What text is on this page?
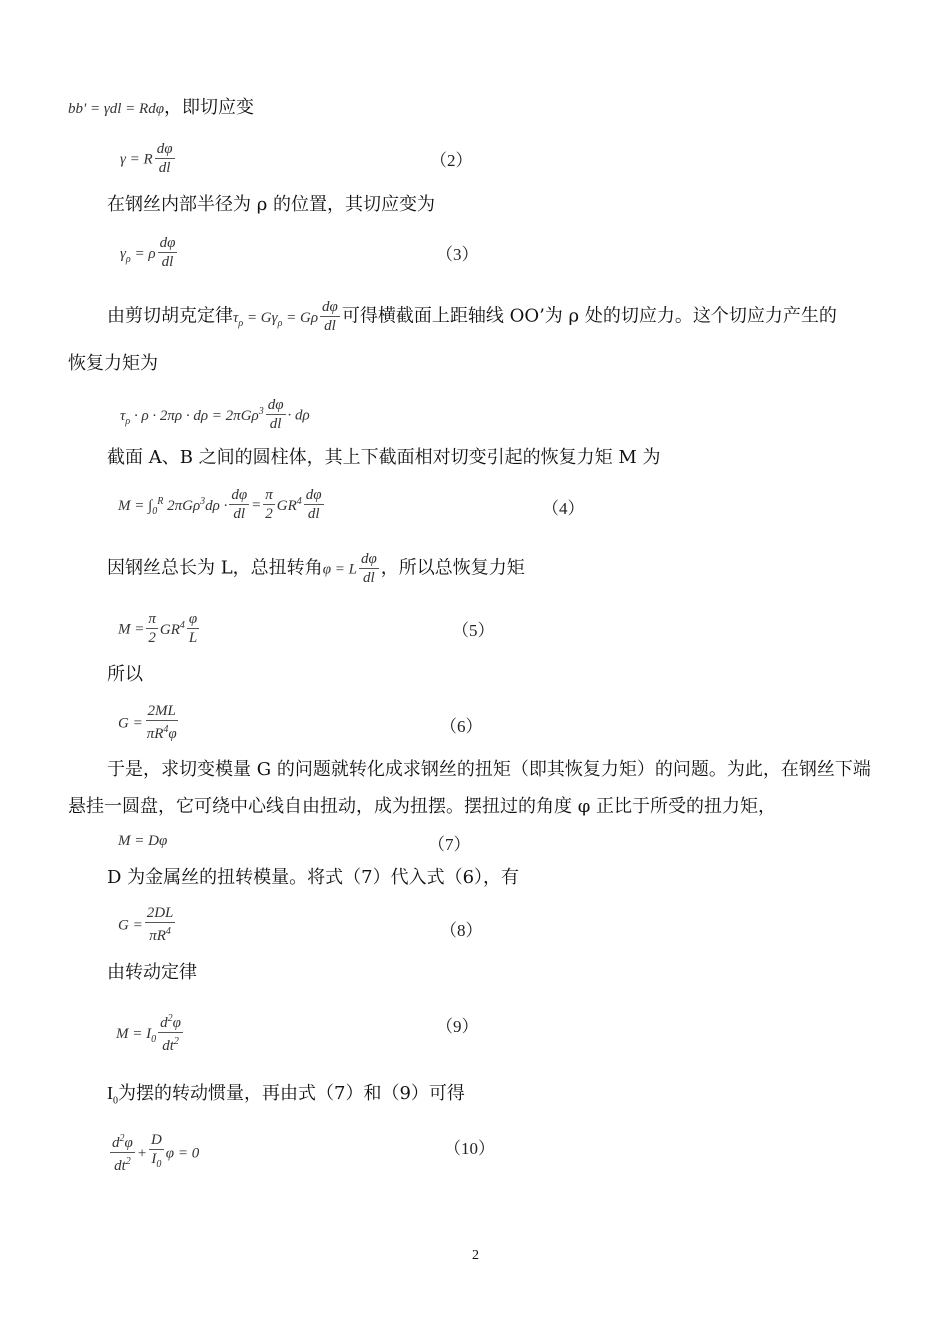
bb' = γdl = Rdφ，即切应变
γ = R $\frac{d\varphi}{dl}$	（2）
在钢丝内部半径为 ρ 的位置，其切应变为
$\gamma_\rho = \rho \frac{d\varphi}{dl}$	（3）
由剪切胡克定律$\tau_\rho = G\gamma_\rho = G\rho \frac{d\varphi}{dl}$ 可得横截面上距轴线 OO’为 ρ 处的切应力。这个切应力产生的
恢复力矩为
$\tau_\rho \cdot \rho \cdot 2\pi\rho \cdot d\rho = 2\pi G\rho^3 \frac{d\varphi}{dl} \cdot d\rho$
截面 A、B 之间的圆柱体，其上下截面相对切变引起的恢复力矩 M 为
$M = \int_0^R$ $2\pi G\rho^3d\rho \cdot \frac{d\varphi}{dl} = \frac{\pi}{2} GR^4 \frac{d\varphi}{dl}$	（4）
因钢丝总长为 L，总扭转角φ = L $\frac{d\varphi}{dl}$ ，所以总恢复力矩
$M = \frac{\pi}{2} GR^4 \frac{\varphi}{L}$	（5）
所以
$G = \frac{2ML}{\pi R^4\varphi}$	（6）
于是，求切变模量 G 的问题就转化成求钢丝的扭矩（即其恢复力矩）的问题。为此，在钢丝下端
悬挂一圆盘，它可绕中心线自由扭动，成为扭摆。摆扭过的角度 φ 正比于所受的扭力矩，
M = Dφ	（7）
D 为金属丝的扭转模量。将式（7）代入式（6），有
$G = \frac{2DL}{\pi R^4}$	（8）
由转动定律
$M = I_0 \frac{d^2\varphi}{dt^2}$	（9）
$I_0$为摆的转动惯量，再由式（7）和（9）可得
$\frac{d^2\varphi}{dt^2} + \frac{D}{I_0}$ φ = 0	（10）
2
